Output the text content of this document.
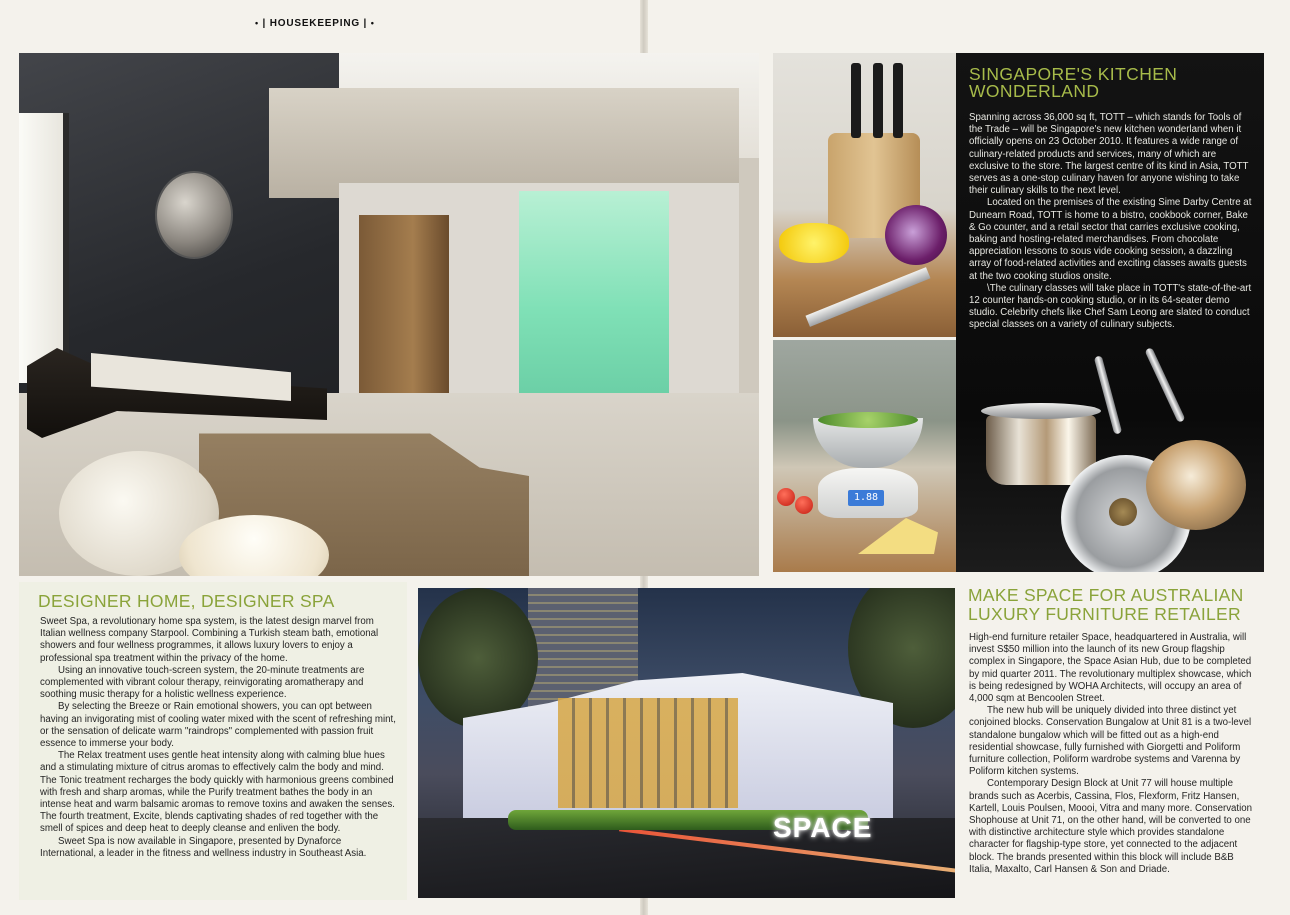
• | HOUSEKEEPING | •
1.88
SINGAPORE'S KITCHEN WONDERLAND

Spanning across 36,000 sq ft, TOTT – which stands for Tools of the Trade – will be Singapore's new kitchen wonderland when it officially opens on 23 October 2010. It features a wide range of culinary-related products and services, many of which are exclusive to the store. The largest centre of its kind in Asia, TOTT serves as a one-stop culinary haven for anyone wishing to take their culinary skills to the next level.

Located on the premises of the existing Sime Darby Centre at Dunearn Road, TOTT is home to a bistro, cookbook corner, Bake & Go counter, and a retail sector that carries exclusive cooking, baking and hosting-related merchandises. From chocolate appreciation lessons to sous vide cooking session, a dazzling array of food-related activities and exciting classes awaits guests at the two cooking studios onsite.

\The culinary classes will take place in TOTT's state-of-the-art 12 counter hands-on cooking studio, or in its 64-seater demo studio. Celebrity chefs like Chef Sam Leong are slated to conduct special classes on a variety of culinary subjects.

DESIGNER HOME, DESIGNER SPA

Sweet Spa, a revolutionary home spa system, is the latest design marvel from Italian wellness company Starpool. Combining a Turkish steam bath, emotional showers and four wellness programmes, it allows luxury lovers to enjoy a professional spa treatment within the privacy of the home.

Using an innovative touch-screen system, the 20-minute treatments are complemented with vibrant colour therapy, reinvigorating aromatherapy and soothing music therapy for a holistic wellness experience.

By selecting the Breeze or Rain emotional showers, you can opt between having an invigorating mist of cooling water mixed with the scent of refreshing mint, or the sensation of delicate warm "raindrops" complemented with passion fruit essence to immerse your body.

The Relax treatment uses gentle heat intensity along with calming blue hues and a stimulating mixture of citrus aromas to effectively calm the body and mind. The Tonic treatment recharges the body quickly with harmonious greens combined with fresh and sharp aromas, while the Purify treatment bathes the body in an intense heat and warm balsamic aromas to remove toxins and awaken the senses. The fourth treatment, Excite, blends captivating shades of red together with the smell of spices and deep heat to deeply cleanse and enliven the body.

Sweet Spa is now available in Singapore, presented by Dynaforce International, a leader in the fitness and wellness industry in Southeast Asia.

SPACE
MAKE SPACE FOR AUSTRALIAN LUXURY FURNITURE RETAILER

High-end furniture retailer Space, headquartered in Australia, will invest S$50 million into the launch of its new Group flagship complex in Singapore, the Space Asian Hub, due to be completed by mid quarter 2011. The revolutionary multiplex showcase, which is being redesigned by WOHA Architects, will occupy an area of 4,000 sqm at Bencoolen Street.

The new hub will be uniquely divided into three distinct yet conjoined blocks. Conservation Bungalow at Unit 81 is a two-level standalone bungalow which will be fitted out as a high-end residential showcase, fully furnished with Giorgetti and Poliform furniture collection, Poliform wardrobe systems and Varenna by Poliform kitchen systems.

Contemporary Design Block at Unit 77 will house multiple brands such as Acerbis, Cassina, Flos, Flexform, Fritz Hansen, Kartell, Louis Poulsen, Moooi, Vitra and many more. Conservation Shophouse at Unit 71, on the other hand, will be converted to one with distinctive architecture style which provides standalone character for flagship-type store, yet connected to the adjacent block. The brands presented within this block will include B&B Italia, Maxalto, Carl Hansen & Son and Driade.
